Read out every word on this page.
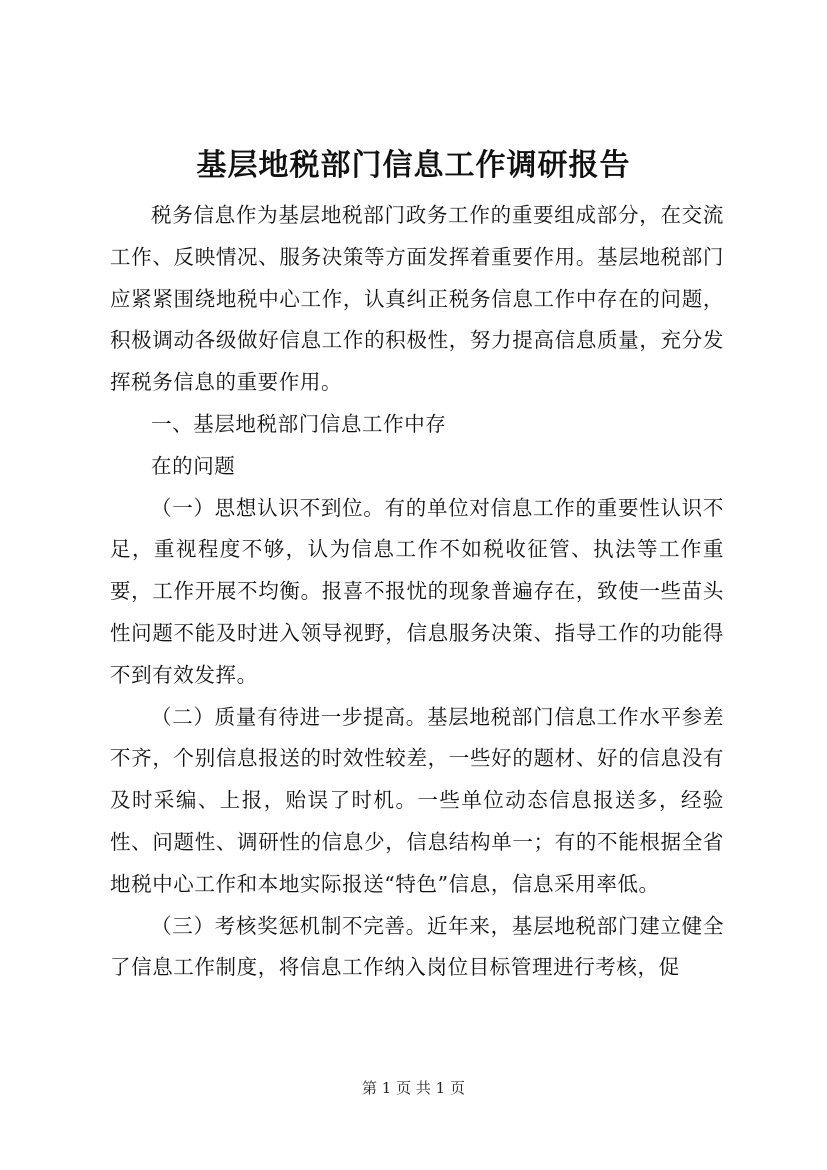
基层地税部门信息工作调研报告

税务信息作为基层地税部门政务工作的重要组成部分，在交流工作、反映情况、服务决策等方面发挥着重要作用。基层地税部门应紧紧围绕地税中心工作，认真纠正税务信息工作中存在的问题，积极调动各级做好信息工作的积极性，努力提高信息质量，充分发挥税务信息的重要作用。

一、基层地税部门信息工作中存

在的问题

（一）思想认识不到位。有的单位对信息工作的重要性认识不足，重视程度不够，认为信息工作不如税收征管、执法等工作重要，工作开展不均衡。报喜不报忧的现象普遍存在，致使一些苗头性问题不能及时进入领导视野，信息服务决策、指导工作的功能得不到有效发挥。

（二）质量有待进一步提高。基层地税部门信息工作水平参差不齐，个别信息报送的时效性较差，一些好的题材、好的信息没有及时采编、上报，贻误了时机。一些单位动态信息报送多，经验性、问题性、调研性的信息少，信息结构单一；有的不能根据全省地税中心工作和本地实际报送“特色”信息，信息采用率低。

（三）考核奖惩机制不完善。近年来，基层地税部门建立健全了信息工作制度，将信息工作纳入岗位目标管理进行考核，促

第 1 页 共 1 页
